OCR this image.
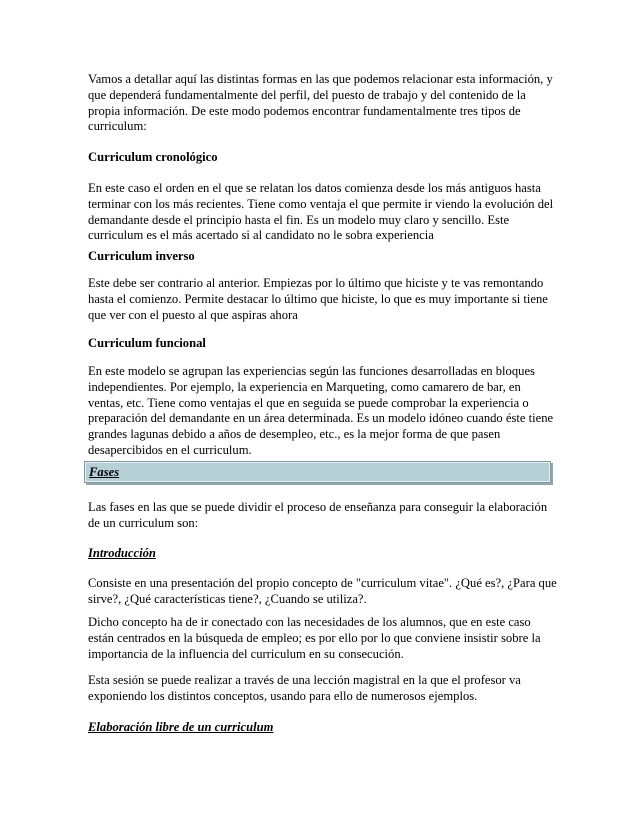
Vamos a detallar aquí las distintas formas en las que podemos relacionar esta información, y que dependerá fundamentalmente del perfil, del puesto de trabajo y del contenido de la propia información. De este modo podemos encontrar fundamentalmente tres tipos de curriculum:

Curriculum cronológico

En este caso el orden en el que se relatan los datos comienza desde los más antiguos hasta terminar con los más recientes. Tiene como ventaja el que permite ir viendo la evolución del demandante desde el principio hasta el fin. Es un modelo muy claro y sencillo. Este curriculum es el más acertado si al candidato no le sobra experiencia

Curriculum inverso

Este debe ser contrario al anterior. Empiezas por lo último que hiciste y te vas remontando hasta el comienzo. Permite destacar lo último que hiciste, lo que es muy importante si tiene que ver con el puesto al que aspiras ahora

Curriculum funcional

En este modelo se agrupan las experiencias según las funciones desarrolladas en bloques independientes. Por ejemplo, la experiencia en Marqueting, como camarero de bar, en ventas, etc. Tiene como ventajas el que en seguida se puede comprobar la experiencia o preparación del demandante en un área determinada. Es un modelo idóneo cuando éste tiene grandes lagunas debido a años de desempleo, etc., es la mejor forma de que pasen desapercibidos en el curriculum.

Fases

Las fases en las que se puede dividir el proceso de enseñanza para conseguir la elaboración de un curriculum son:

Introducción

Consiste en una presentación del propio concepto de "curriculum vitae". ¿Qué es?, ¿Para que sirve?, ¿Qué características tiene?, ¿Cuando se utiliza?.

Dicho concepto ha de ir conectado con las necesidades de los alumnos, que en este caso están centrados en la búsqueda de empleo; es por ello por lo que conviene insistir sobre la importancia de la influencia del curriculum en su consecución.

Esta sesión se puede realizar a través de una lección magistral en la que el profesor va exponiendo los distintos conceptos, usando para ello de numerosos ejemplos.

Elaboración libre de un curriculum
